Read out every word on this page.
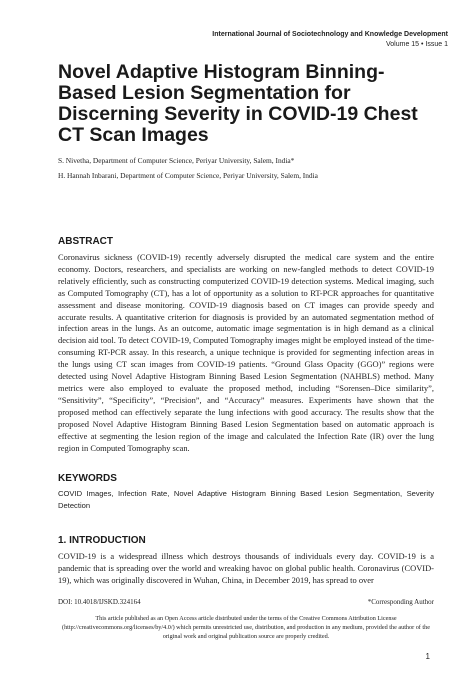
International Journal of Sociotechnology and Knowledge Development
Volume 15 • Issue 1
Novel Adaptive Histogram Binning-Based Lesion Segmentation for Discerning Severity in COVID-19 Chest CT Scan Images
S. Nivetha, Department of Computer Science, Periyar University, Salem, India*
H. Hannah Inbarani, Department of Computer Science, Periyar University, Salem, India
ABSTRACT

Coronavirus sickness (COVID-19) recently adversely disrupted the medical care system and the entire economy. Doctors, researchers, and specialists are working on new-fangled methods to detect COVID-19 relatively efficiently, such as constructing computerized COVID-19 detection systems. Medical imaging, such as Computed Tomography (CT), has a lot of opportunity as a solution to RT-PCR approaches for quantitative assessment and disease monitoring. COVID-19 diagnosis based on CT images can provide speedy and accurate results. A quantitative criterion for diagnosis is provided by an automated segmentation method of infection areas in the lungs. As an outcome, automatic image segmentation is in high demand as a clinical decision aid tool. To detect COVID-19, Computed Tomography images might be employed instead of the time-consuming RT-PCR assay. In this research, a unique technique is provided for segmenting infection areas in the lungs using CT scan images from COVID-19 patients. “Ground Glass Opacity (GGO)” regions were detected using Novel Adaptive Histogram Binning Based Lesion Segmentation (NAHBLS) method. Many metrics were also employed to evaluate the proposed method, including “Sorensen–Dice similarity”, “Sensitivity”, “Specificity”, “Precision”, and “Accuracy” measures. Experiments have shown that the proposed method can effectively separate the lung infections with good accuracy. The results show that the proposed Novel Adaptive Histogram Binning Based Lesion Segmentation based on automatic approach is effective at segmenting the lesion region of the image and calculated the Infection Rate (IR) over the lung region in Computed Tomography scan.

KEYWORDS

COVID Images, Infection Rate, Novel Adaptive Histogram Binning Based Lesion Segmentation, Severity Detection

1. INTRODUCTION

COVID-19 is a widespread illness which destroys thousands of individuals every day. COVID-19 is a pandemic that is spreading over the world and wreaking havoc on global public health. Coronavirus (COVID-19), which was originally discovered in Wuhan, China, in December 2019, has spread to over

DOI: 10.4018/IJSKD.324164	*Corresponding Author

This article published as an Open Access article distributed under the terms of the Creative Commons Attribution License (http://creativecommons.org/licenses/by/4.0/) which permits unrestricted use, distribution, and production in any medium, provided the author of the original work and original publication source are properly credited.

1
